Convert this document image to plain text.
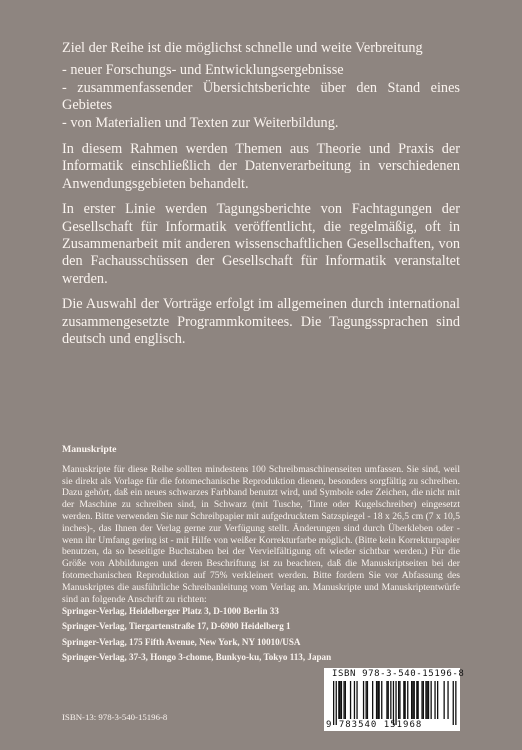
Ziel der Reihe ist die möglichst schnelle und weite Verbreitung

- neuer Forschungs- und Entwicklungsergebnisse
- zusammenfassender Übersichtsberichte über den Stand eines Gebietes
- von Materialien und Texten zur Weiterbildung.

In diesem Rahmen werden Themen aus Theorie und Praxis der Informatik einschließlich der Datenverarbeitung in verschiedenen Anwendungsgebieten behandelt.

In erster Linie werden Tagungsberichte von Fachtagungen der Gesellschaft für Informatik veröffentlicht, die regelmäßig, oft in Zusammenarbeit mit anderen wissenschaftlichen Gesellschaften, von den Fachausschüssen der Gesellschaft für Informatik veranstaltet werden.

Die Auswahl der Vorträge erfolgt im allgemeinen durch international zusammengesetzte Programmkomitees. Die Tagungssprachen sind deutsch und englisch.

Manuskripte

Manuskripte für diese Reihe sollten mindestens 100 Schreibmaschinenseiten umfassen. Sie sind, weil sie direkt als Vorlage für die fotomechanische Reproduktion dienen, besonders sorgfältig zu schreiben. Dazu gehört, daß ein neues schwarzes Farbband benutzt wird, und Symbole oder Zeichen, die nicht mit der Maschine zu schreiben sind, in Schwarz (mit Tusche, Tinte oder Kugelschreiber) eingesetzt werden. Bitte verwenden Sie nur Schreibpapier mit aufgedrucktem Satzspiegel - 18 x 26,5 cm (7 x 10,5 inches)-, das Ihnen der Verlag gerne zur Verfügung stellt. Änderungen sind durch Überkleben oder - wenn ihr Umfang gering ist - mit Hilfe von weißer Korrekturfarbe möglich. (Bitte kein Korrekturpapier benutzen, da so beseitigte Buchstaben bei der Vervielfältigung oft wieder sichtbar werden.) Für die Größe von Abbildungen und deren Beschriftung ist zu beachten, daß die Manuskriptseiten bei der fotomechanischen Reproduktion auf 75% verkleinert werden. Bitte fordern Sie vor Abfassung des Manuskriptes die ausführliche Schreibanleitung vom Verlag an. Manuskripte und Manuskriptentwürfe sind an folgende Anschrift zu richten:

Springer-Verlag, Heidelberger Platz 3, D-1000 Berlin 33
Springer-Verlag, Tiergartenstraße 17, D-6900 Heidelberg 1
Springer-Verlag, 175 Fifth Avenue, New York, NY 10010/USA
Springer-Verlag, 37-3, Hongo 3-chome, Bunkyo-ku, Tokyo 113, Japan
ISBN-13: 978-3-540-15196-8
ISBN 978-3-540-15196-8
9 783540 151968
